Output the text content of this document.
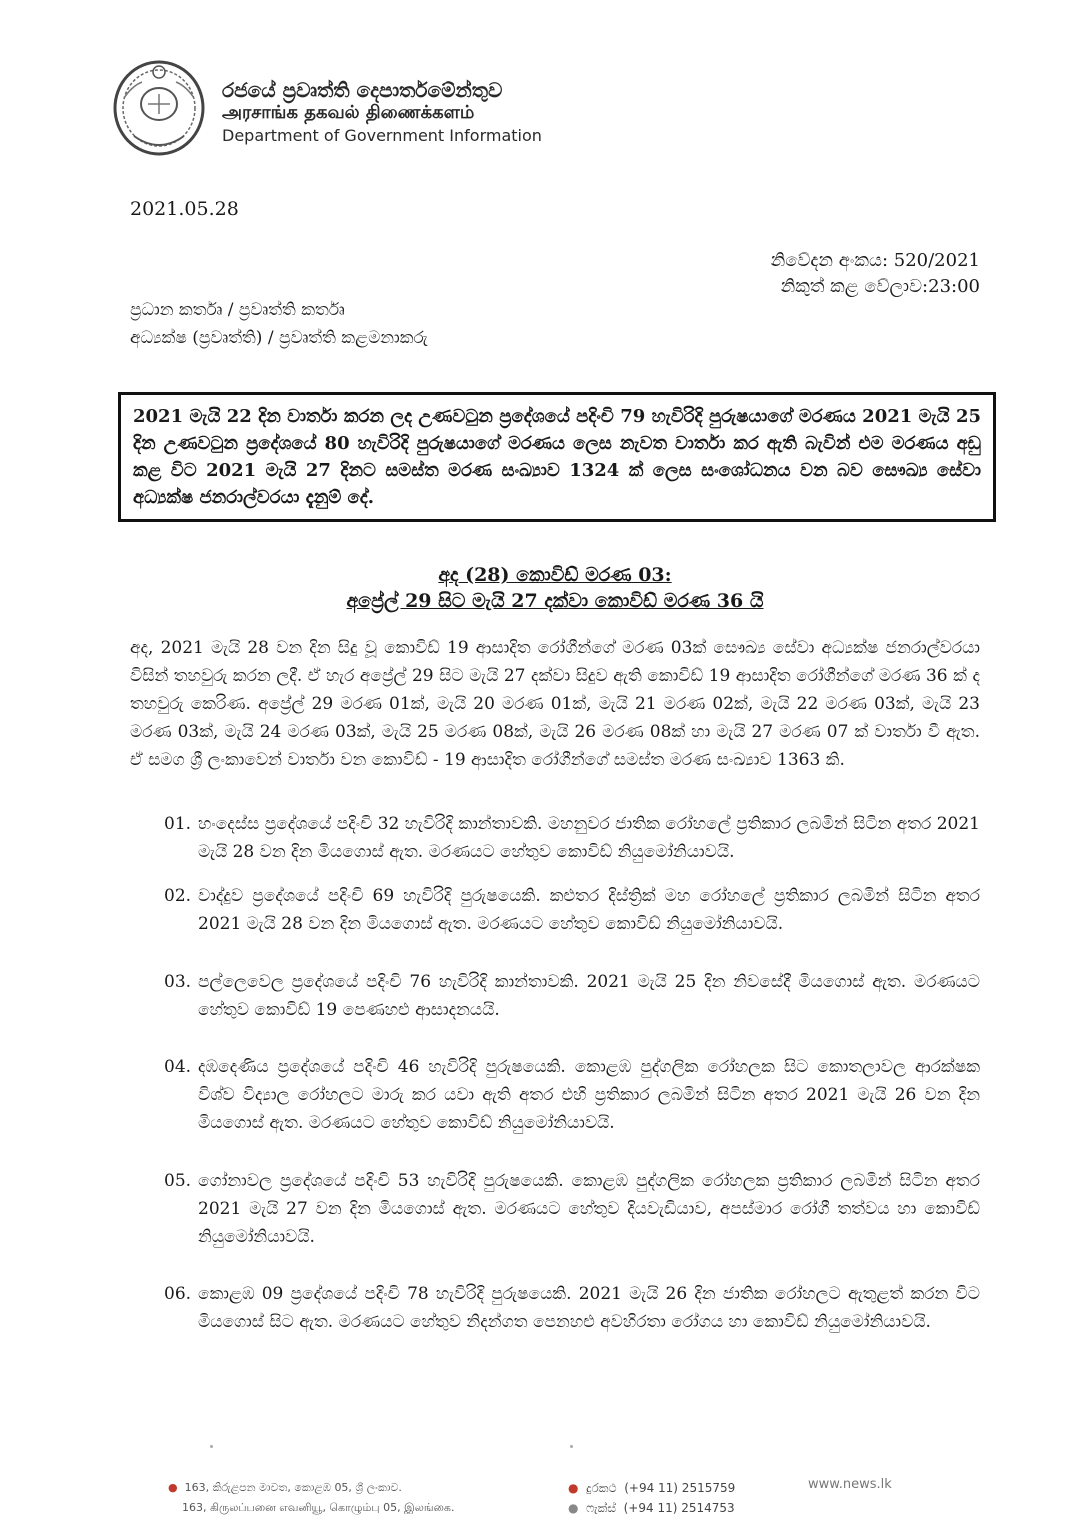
රජයේ ප්‍රවෘත්ති දෙපාර්තමේන්තුව
அரசாங்க தகவல் திணைக்களம்
Department of Government Information
2021.05.28
නිවේදන අංකය: 520/2021
නිකුත් කළ වේලාව:23:00
ප්‍රධාන කර්තෘ / ප්‍රවෘත්ති කර්තෘ
අධ්‍යක්ෂ (ප්‍රවෘත්ති) / ප්‍රවෘත්ති කළමනාකරු
2021 මැයි 22 දින වාර්තා කරන ලද උණවටුන ප්‍රදේශයේ පදිංචි 79 හැවිරිදි පුරුෂයාගේ මරණය 2021 මැයි 25 දින උණවටුන ප්‍රදේශයේ 80 හැවිරිදි පුරුෂයාගේ මරණය ලෙස නැවත වාර්තා කර ඇති බැවින් එම මරණය අඩු කළ විට 2021 මැයි 27 දිනට සමස්ත මරණ සංඛ්‍යාව 1324 ක් ලෙස සංශෝධනය වන බව සෞඛ්‍ය සේවා අධ්‍යක්ෂ ජනරාල්වරයා දැනුම් දේ.
අද (28) කොවිඩ් මරණ 03:
අප්‍රේල් 29 සිට මැයි 27 දක්වා කොවිඩ් මරණ 36 යි
අද, 2021 මැයි 28 වන දින සිදු වූ කොවිඩ් 19 ආසාදිත රෝගීන්ගේ මරණ 03ක් සෞඛ්‍ය සේවා අධ්‍යක්ෂ ජනරාල්වරයා විසින් තහවුරු කරන ලදී. ඒ හැර අප්‍රේල් 29 සිට මැයි 27 දක්වා සිදුව ඇති කොවිඩ් 19 ආසාදිත රෝගීන්ගේ මරණ 36 ක් ද තහවුරු කෙරිණ. අප්‍රේල් 29 මරණ 01ක්, මැයි 20 මරණ 01ක්, මැයි 21 මරණ 02ක්, මැයි 22 මරණ 03ක්, මැයි 23 මරණ 03ක්, මැයි 24 මරණ 03ක්, මැයි 25 මරණ 08ක්, මැයි 26 මරණ 08ක් හා මැයි 27 මරණ 07 ක් වාර්තා වී ඇත. ඒ සමග ශ්‍රී ලංකාවෙන් වාර්තා වන කොවිඩ් - 19 ආසාදිත රෝගීන්ගේ සමස්ත මරණ සංඛ්‍යාව 1363 කි.
01. හංදෙස්ස ප්‍රදේශයේ පදිංචි 32 හැවිරිදි කාන්තාවකි. මහනුවර ජාතික රෝහලේ ප්‍රතිකාර ලබමින් සිටින අතර 2021 මැයි 28 වන දින මියගොස් ඇත. මරණයට හේතුව කොවිඩ් නියුමෝනියාවයි.
02. වාද්දුව ප්‍රදේශයේ පදිංචි 69 හැවිරිදි පුරුෂයෙකි. කළුතර දිස්ත්‍රික් මහ රෝහලේ ප්‍රතිකාර ලබමින් සිටින අතර 2021 මැයි 28 වන දින මියගොස් ඇත. මරණයට හේතුව කොවිඩ් නියුමෝනියාවයි.
03. පල්ලෙවෙල ප්‍රදේශයේ පදිංචි 76 හැවිරිදි කාන්තාවකි. 2021 මැයි 25 දින නිවසේදී මියගොස් ඇත. මරණයට හේතුව කොවිඩ් 19 පෙණහළු ආසාදනයයි.
04. දඹදෙණිය ප්‍රදේශයේ පදිංචි 46 හැවිරිදි පුරුෂයෙකි. කොළඹ පුද්ගලික රෝහලක සිට කොතලාවල ආරක්ෂක විශ්ව විද්‍යාල රෝහලට මාරු කර යවා ඇති අතර එහි ප්‍රතිකාර ලබමින් සිටින අතර 2021 මැයි 26 වන දින මියගොස් ඇත. මරණයට හේතුව කොවිඩ් නියුමෝනියාවයි.
05. ගෝනාවල ප්‍රදේශයේ පදිංචි 53 හැවිරිදි පුරුෂයෙකි. කොළඹ පුද්ගලික රෝහලක ප්‍රතිකාර ලබමින් සිටින අතර 2021 මැයි 27 වන දින මියගොස් ඇත. මරණයට හේතුව දියවැඩියාව, අපස්මාර රෝගී තත්වය හා කොවිඩ් නියුමෝනියාවයි.
06. කොළඹ 09 ප්‍රදේශයේ පදිංචි 78 හැවිරිදි පුරුෂයෙකි. 2021 මැයි 26 දින ජාතික රෝහලට ඇතුළත් කරන විට මියගොස් සිට ඇත. මරණයට හේතුව නිදන්ගත පෙනහළු අවහිරතා රෝගය හා කොවිඩ් නියුමෝනියාවයි.
● 163, කිරුළපන මාවත, කොළඹ 05, ශ්‍රී ලංකාව.
163, கிருலப்பனை எவனியூ, கொழும்பு 05, இலங்கை.
● දුරකථ (+94 11) 2515759
● ෆැක්ස් (+94 11) 2514753
www.news.lk
